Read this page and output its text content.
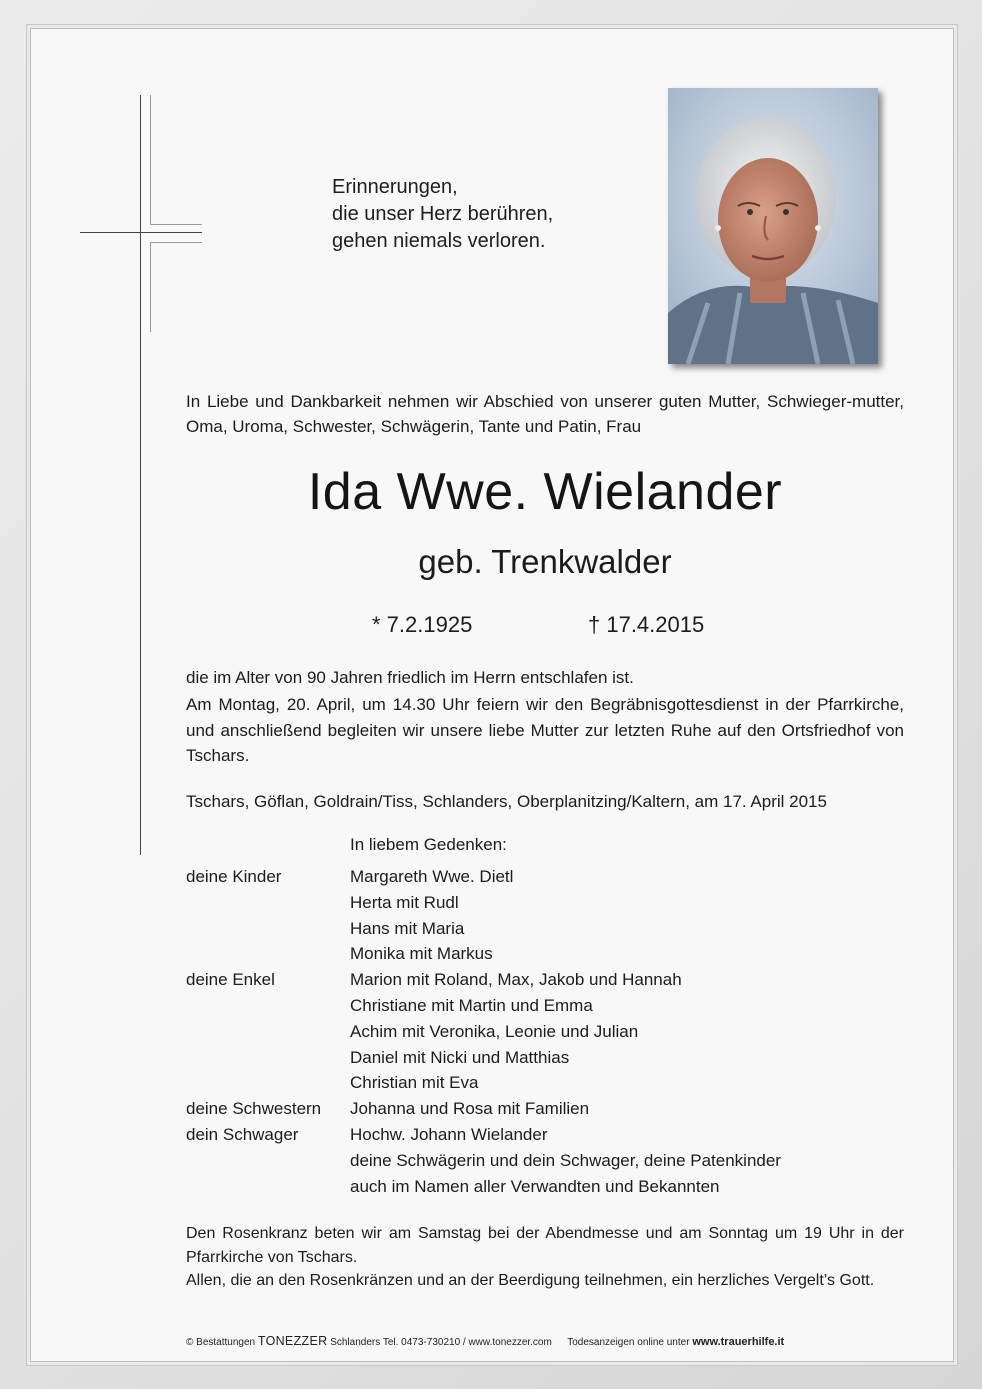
Erinnerungen,
die unser Herz berühren,
gehen niemals verloren.
In Liebe und Dankbarkeit nehmen wir Abschied von unserer guten Mutter, Schwieger-mutter, Oma, Uroma, Schwester, Schwägerin, Tante und Patin, Frau
Ida Wwe. Wielander
geb. Trenkwalder
* 7.2.1925	† 17.4.2015
die im Alter von 90 Jahren friedlich im Herrn entschlafen ist.
Am Montag, 20. April, um 14.30 Uhr feiern wir den Begräbnisgottesdienst in der Pfarrkirche, und anschließend begleiten wir unsere liebe Mutter zur letzten Ruhe auf den Ortsfriedhof von Tschars.
Tschars, Göflan, Goldrain/Tiss, Schlanders, Oberplanitzing/Kaltern, am 17. April 2015
In liebem Gedenken:
deine Kinder	Margareth Wwe. Dietl
Herta mit Rudl
Hans mit Maria
Monika mit Markus
deine Enkel	Marion mit Roland, Max, Jakob und Hannah
Christiane mit Martin und Emma
Achim mit Veronika, Leonie und Julian
Daniel mit Nicki und Matthias
Christian mit Eva
deine Schwestern	Johanna und Rosa mit Familien
dein Schwager	Hochw. Johann Wielander
deine Schwägerin und dein Schwager, deine Patenkinder
auch im Namen aller Verwandten und Bekannten
Den Rosenkranz beten wir am Samstag bei der Abendmesse und am Sonntag um 19 Uhr in der Pfarrkirche von Tschars.
Allen, die an den Rosenkränzen und an der Beerdigung teilnehmen, ein herzliches Vergelt’s Gott.
© Bestattungen TONEZZER Schlanders Tel. 0473-730210 / www.tonezzer.com Todesanzeigen online unter www.trauerhilfe.it
